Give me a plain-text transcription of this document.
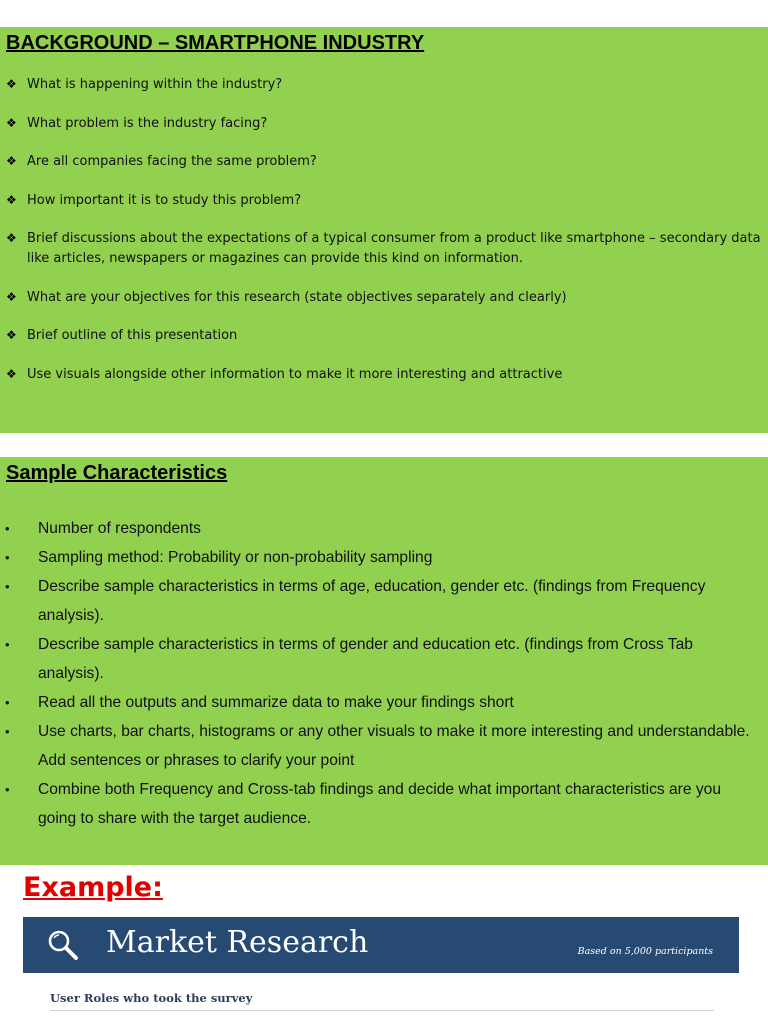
BACKGROUND – SMARTPHONE INDUSTRY
❖ What is happening within the industry?
❖ What problem is the industry facing?
❖ Are all companies facing the same problem?
❖ How important it is to study this problem?
❖ Brief discussions about the expectations of a typical consumer from a product like smartphone – secondary data like articles, newspapers or magazines can provide this kind on information.
❖ What are your objectives for this research (state objectives separately and clearly)
❖ Brief outline of this presentation
❖ Use visuals alongside other information to make it more interesting and attractive
Sample Characteristics
• Number of respondents
• Sampling method: Probability or non-probability sampling
• Describe sample characteristics in terms of age, education, gender etc. (findings from Frequency analysis).
• Describe sample characteristics in terms of gender and education etc. (findings from Cross Tab analysis).
• Read all the outputs and summarize data to make your findings short
• Use charts, bar charts, histograms or any other visuals to make it more interesting and understandable. Add sentences or phrases to clarify your point
• Combine both Frequency and Cross-tab findings and decide what important characteristics are you going to share with the target audience.
Example:
Market Research	Based on 5,000 participants
User Roles who took the survey
